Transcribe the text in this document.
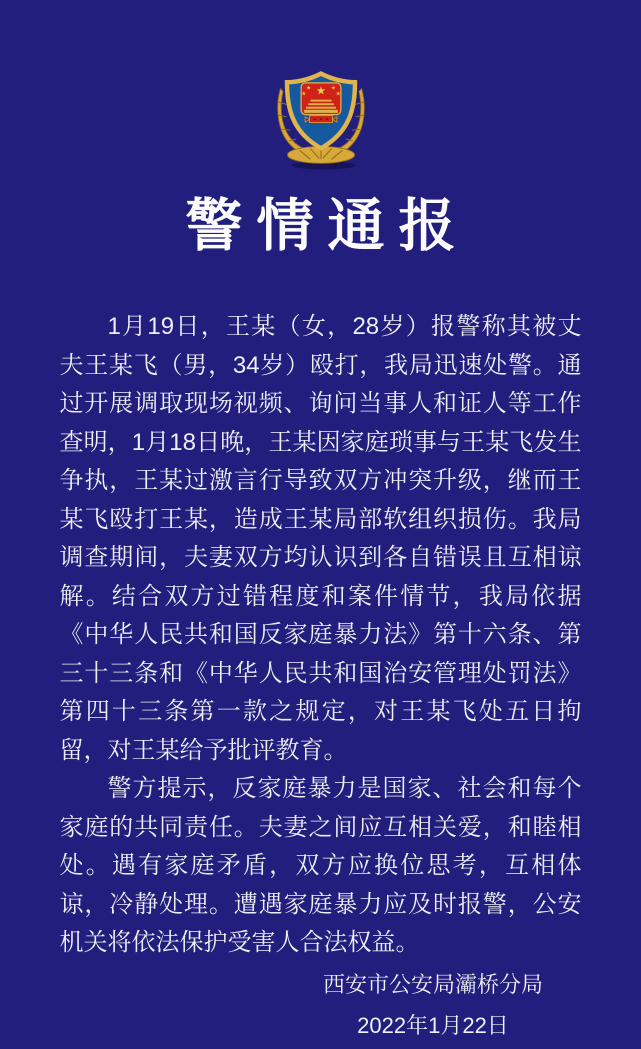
警情通报

1月19日，王某（女，28岁）报警称其被丈夫王某飞（男，34岁）殴打，我局迅速处警。通过开展调取现场视频、询问当事人和证人等工作查明，1月18日晚，王某因家庭琐事与王某飞发生争执，王某过激言行导致双方冲突升级，继而王某飞殴打王某，造成王某局部软组织损伤。我局调查期间，夫妻双方均认识到各自错误且互相谅解。结合双方过错程度和案件情节，我局依据《中华人民共和国反家庭暴力法》第十六条、第三十三条和《中华人民共和国治安管理处罚法》第四十三条第一款之规定，对王某飞处五日拘留，对王某给予批评教育。

警方提示，反家庭暴力是国家、社会和每个家庭的共同责任。夫妻之间应互相关爱，和睦相处。遇有家庭矛盾，双方应换位思考，互相体谅，冷静处理。遭遇家庭暴力应及时报警，公安机关将依法保护受害人合法权益。

西安市公安局灞桥分局
2022年1月22日
